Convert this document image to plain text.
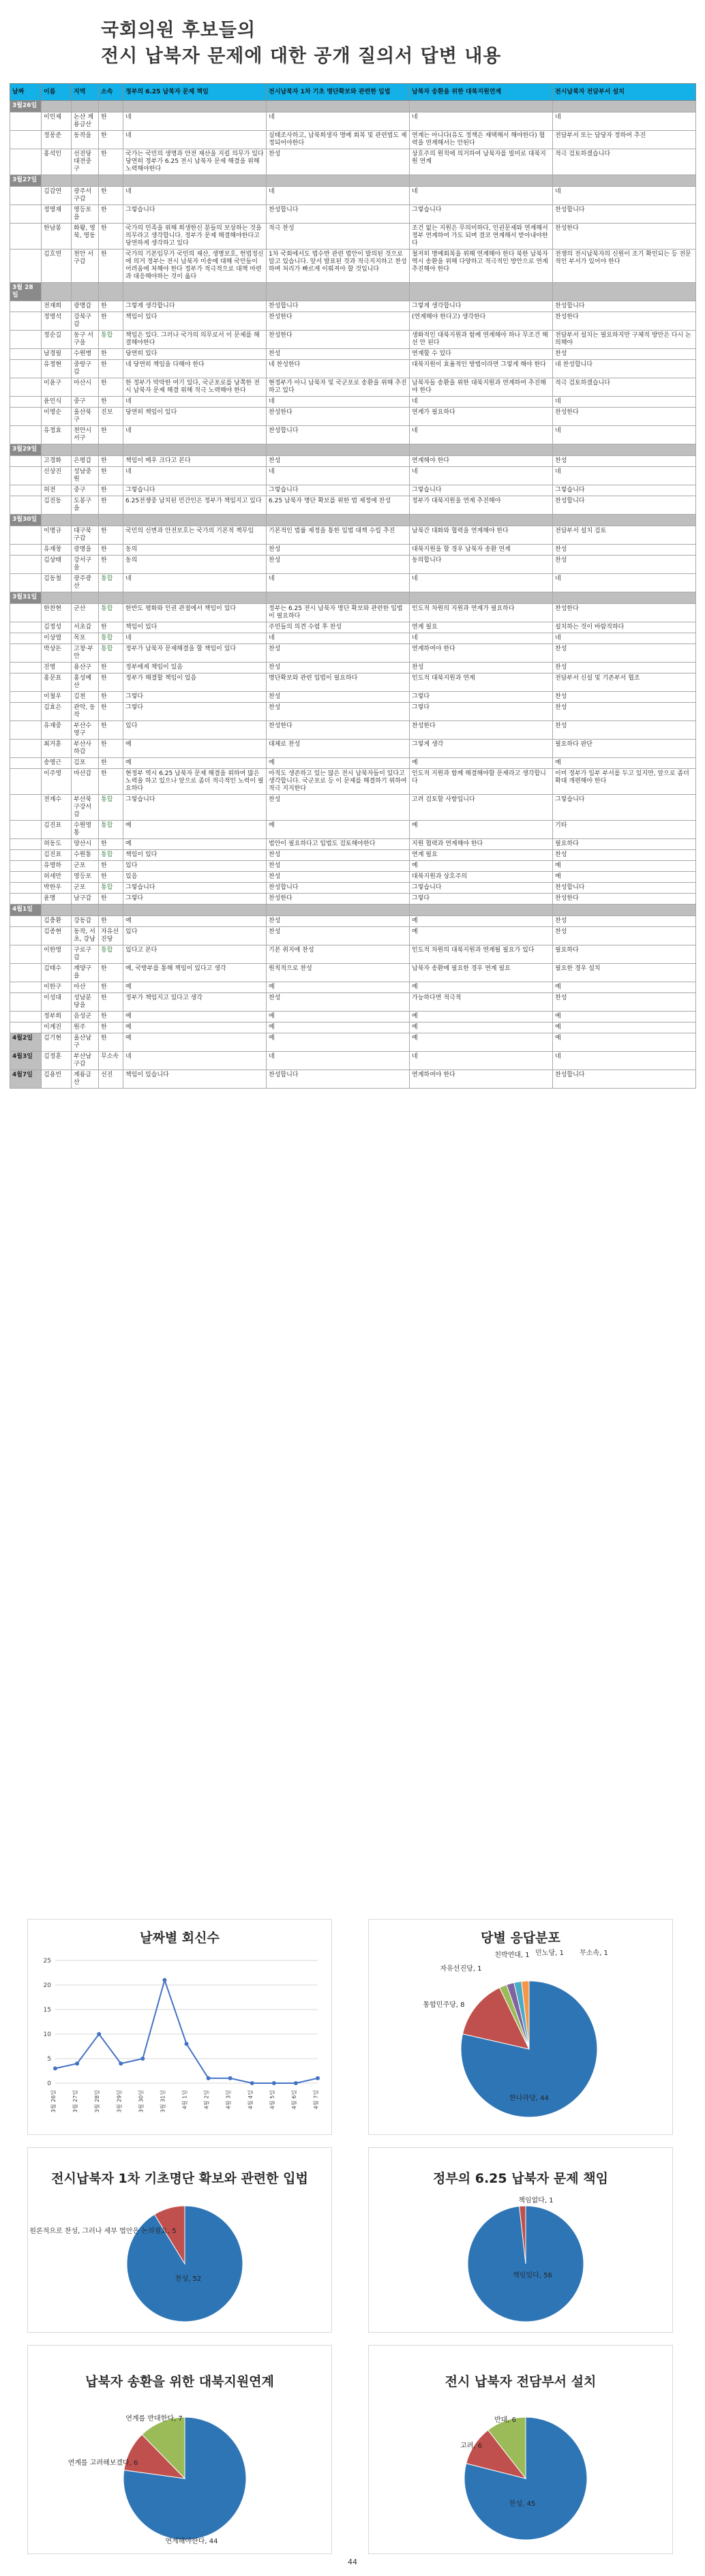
국회의원 후보들의
전시 납북자 문제에 대한 공개 질의서 답변 내용
날짜	이름	지역	소속	정부의 6.25 납북자 문제 책임	전시납북자 1차 기초 명단확보와 관련한 입법	납북자 송환을 위한 대북지원연계	전시납북자 전담부서 설치
3월26일							
	이인제	논산 계룡금산	한	네	네	네	네
	정몽준	동작을	한	네	실태조사하고, 납북희생자 명예 회복 및 관련법도 제정되어야한다	연계는 아니다(유도 정책은 재택해서 해야한다) 협력을 연계해서는 안된다	전담부서 또는 담당자 정하여 추진
	홍석인	선진당 대전중구	한	국가는 국민의 생명과 안전 재산을 지킬 의무가 있다 당연히 정부가 6.25 전시 납북자 문제 해결을 위해 노력해야한다	찬성	상호주의 원칙에 의거하여 납북자를 빌미로 대북지원 연계	적극 검토하겠습니다
3월27일							
	김갑연	광주서구갑	한	네	네	네	네
	정영재	영등포을	한	그렇습니다	찬성합니다	그렇습니다	찬성합니다
	한남봉	화왕, 영북, 영동	한	국가의 민족을 위해 희생한신 분들의 보상하는 것을 의무라고 생각합니다. 정부가 문제 해결해야한다고 당연하게 생각하고 있다	적극 찬성	조건 없는 지원은 무의미하다, 인권문제와 연계해서 정부 연계하여 가도 되며 결코 연계해서 받아내야한다	찬성한다
	김호연	천안 서구갑	한	국가의 기본임무가 국민의 재산, 생명보호, 헌법정신에 의거 정부는 전시 납북자 미송에 대해 국민들이 어려움에 처해야 한다 정부가 적극적으로 대책 마련과 대응해야하는 것이 옳다	1차 국회에서도 법수반 관련 법안이 발의된 것으로 알고 있습니다. 앞서 발표된 것과 적극지지하고 찬성하며 처리가 빠르게 이뤄져야 할 것입니다	철저히 명예회복을 위해 연계해야 한다 북한 납북자 역시 송환을 위해 다양하고 적극적인 방안으로 연계 추진해야 한다	전쟁의 전시납북자의 신원이 조기 확인되는 등 전문적인 부서가 있어야 한다
3월 28일							
	전재희	광명갑	한	그렇게 생각합니다	찬성합니다	그렇게 생각합니다	찬성합니다
	정영석	강북구갑	한	책임이 있다	찬성한다	(연계해야 한다고) 생각한다	찬성한다
	정순길	동구 서구을	통합	책임은 있다. 그러나 국가의 의무로서 이 문제를 해결해야한다	찬성한다	생화적인 대북지원과 함께 연계해야 하나 무조건 해선 안 된다	전담부서 설치는 필요하지만 구체적 방안은 다시 논의해야
	남경필	수원병	한	당연히 있다	찬성	연계할 수 있다	찬성
	유정현	중랑구갑	한	네 당연히 책임을 다해야 한다	네 찬성한다	대북지원이 효율적인 방법이라면 그렇게 해야 한다	네 찬성합니다
	이윤구	아산시	한	한 정부가 막막한 여기 있다, 국군포로를 남쪽한 전시 납북자 문제 해결 위해 적극 노력해야 한다	현정부가 아니 납북자 및 국군포로 송환을 위해 추진하고 있다	납북자들 송환을 위한 대북지원과 연계하여 추진해야 한다	적극 검토하겠습니다
	윤인식	중구	한	네	네	네	네
	이영순	울산북구	진보	당연히 책임이 있다	찬성한다	연계가 필요하다	찬성한다
	유정효	천안시 서구	한	네	찬성합니다	네	네
3월29일							
	고경화	은평갑	한	책임이 매우 크다고 본다	찬성	연계해야 한다	찬성
	신상진	성남중원	한	네	네	네	네
	허전	중구	한	그렇습니다	그렇습니다	그렇습니다	그렇습니다
	김진동	도봉구을	한	6.25전쟁중 납치된 민간인은 정부가 책임지고 있다	6.25 납북자 명단 확보를 위한 법 제정에 찬성	정부가 대북지원을 연계 추진해야	찬성합니다
3월30일							
	이명규	대구북구갑	한	국민의 신변과 안전보호는 국가의 기본적 책무임	기본적인 법률 제정을 통한 입법 대책 수립 추진	남북간 대화와 협력을 연계해야 한다	전담부서 설치 검토
	유재창	광명을	한	동의	찬성	대북지원을 할 경우 납북자 송환 연계	찬성
	김상태	강서구을	한	동의	찬성	동의합니다	찬성
	김동철	광주광산	통합	네	네	네	네
3월31일							
	한찬현	군산	통합	한반도 평화와 인권 관점에서 책임이 있다	정부는 6.25 전시 납북자 명단 확보와 관련한 입법이 필요하다	인도적 차원의 지원과 연계가 필요하다	찬성한다
	김정성	서초갑	한	책임이 있다	주민들의 의견 수렴 후 찬성	연계 필요	설치하는 것이 바람직하다
	이상열	목포	통합	네	네	네	네
	박상돈	고창·부안	통합	정부가 납북자 문제해결을 할 책임이 있다	찬성	연계하여야 한다	찬성
	진영	용산구	한	정부에게 책임이 있음	찬성	찬성	찬성
	홍문표	홍성예산	한	정부가 해결할 책임이 있음	명단확보와 관련 입법이 필요하다	인도적 대북지원과 연계	전담부서 신설 및 기존부서 협조
	이철우	김천	한	그렇다	찬성	그렇다	찬성
	김효은	관악, 동작	한	그렇다	찬성	그렇다	찬성
	유재중	부산수영구	한	있다	찬성한다	찬성한다	찬성
	최거훈	부산사하갑	한	예	대체로 찬성	그렇게 생각	필요하다 판단
	송영근	김포	한	예	예	예	예
	이주영	마산갑	한	현정부 역시 6.25 납북자 문제 해결을 위하여 많은 노력을 하고 있으나 앞으로 좀더 적극적인 노력이 필요하다	아직도 생존하고 있는 많은 전시 납북자들이 있다고 생각합니다. 국군포로 등 이 문제를 해결하기 위하여 적극 지지한다	인도적 지원과 함께 해결해야할 문제라고 생각합니다	이미 정부가 일부 부서를 두고 있지만, 앞으로 좀더 확대 개편해야 한다
	전재수	부산북구강서갑	통합	그렇습니다	찬성	고려 검토할 사항입니다	그렇습니다
	김진표	수원영통	통합	예	예	예	기타
	허동도	양산시	한	예	법안이 필요하다고 입법도 검토해야한다	지원 협력과 연계해야 한다	필요하다
	김진표	수원통	통합	책임이 있다	찬성	연계 필요	찬성
	유영하	군포	한	있다	찬성	예	예
	허세만	영등포	한	있음	찬성	대북지원과 상호주의	예
	박한우	군포	통합	그렇습니다	찬성합니다	그렇습니다	찬성합니다
	윤명	남구갑	한	그렇다	찬성한다	그렇다	찬성한다
4월1일							
	김충환	강동갑	한	예	찬성	예	찬성
	김종현	동작, 서초, 강남	자유선진당	있다	찬성	예	찬성
	이한영	구로구갑	통합	있다고 본다	기본 취지에 찬성	인도적 차원의 대북지원과 연계될 필요가 있다	필요하다
	김태수	계양구을	한	예, 국방부를 통해 책임이 있다고 생각	원칙적으로 찬성	납북자 송환에 필요한 경우 연계 필요	필요한 경우 설치
	이한구	아산	한	예	예	예	예
	이성대	성남분당을	한	정부가 책임지고 있다고 생각	찬성	가능하다면 적극적	찬성
	정부희	음성군	한	예	예	예	예
	이계진	원주	한	예	예	예	예
4월2일	김기현	울산남구	한	예	예	예	예
4월3일	김정훈	부산남구갑	무소속	네	네	네	네
4월7일	김용빈	계룡금산	선진	책임이 있습니다	찬성합니다	연계하여야 한다	찬성합니다
날짜별 회신수
0
5
10
15
20
25
3월 26일	3월 27일	3월 28일	3월 29일	3월 30일	3월 31일	4월 1일	4월 2일	4월 3일	4월 4일	4월 5일	4월 6일	4월 7일
당별 응답분포
한나라당, 44
통합민주당, 8
자유선진당, 1
친박연대, 1 민노당, 1 무소속, 1
전시납북자 1차 기초명단 확보와 관련한 입법
찬성, 52
원론적으로 찬성, 그러나 세부 법안은 논의필요, 5
정부의 6.25 납북자 문제 책임
책임있다, 56
책임없다, 1
납북자 송환을 위한 대북지원연계
연계해야한다, 44
연계를 고려해보겠다, 6
연계를 반대한다, 7
전시 납북자 전담부서 설치
찬성, 45
고려, 6
반대, 6
44
